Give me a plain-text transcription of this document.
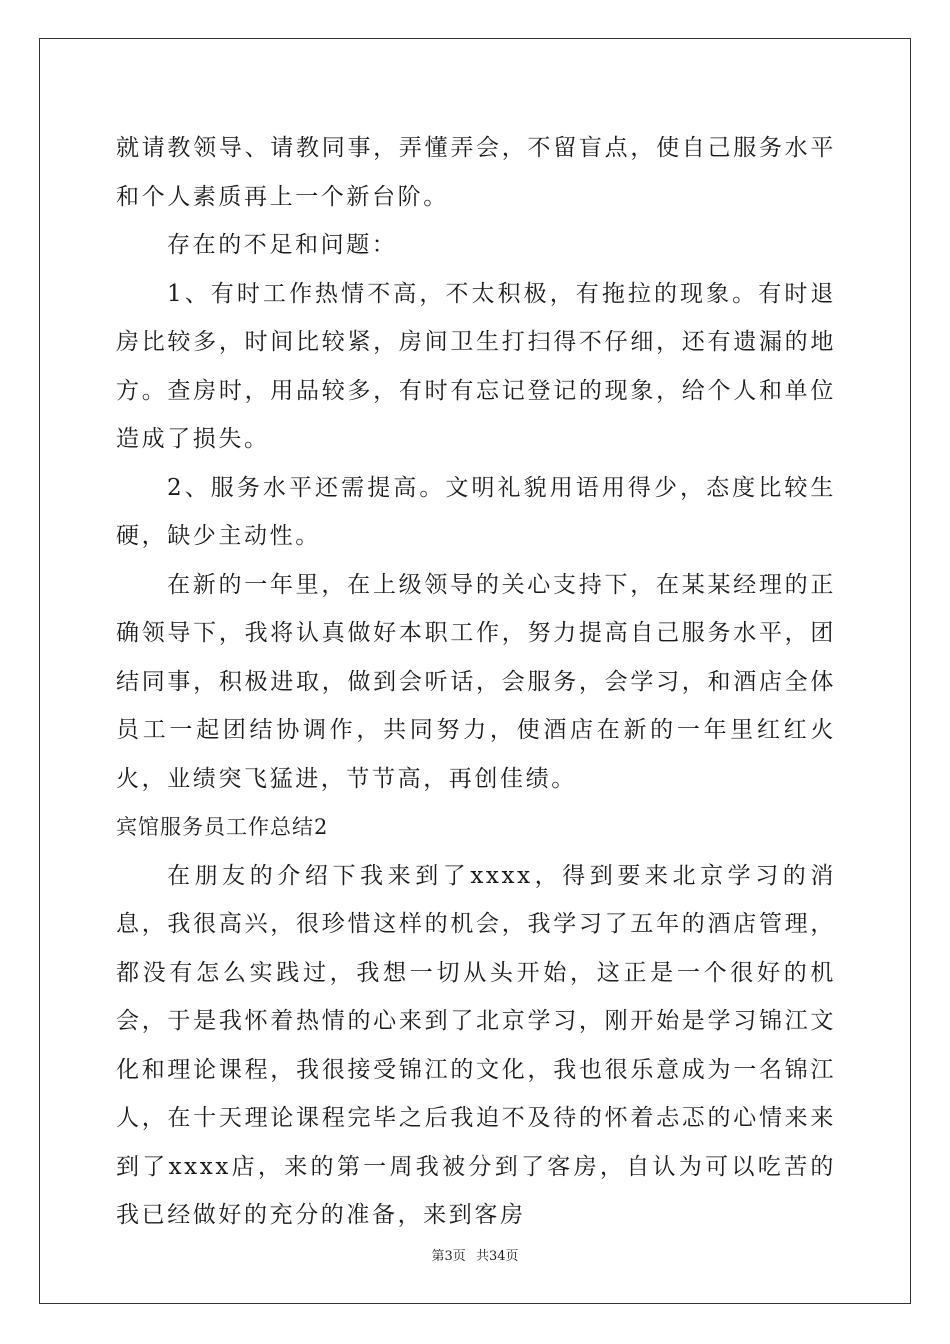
就请教领导、请教同事，弄懂弄会，不留盲点，使自己服务水平和个人素质再上一个新台阶。

存在的不足和问题：

1、有时工作热情不高，不太积极，有拖拉的现象。有时退房比较多，时间比较紧，房间卫生打扫得不仔细，还有遗漏的地方。查房时，用品较多，有时有忘记登记的现象，给个人和单位造成了损失。

2、服务水平还需提高。文明礼貌用语用得少，态度比较生硬，缺少主动性。

在新的一年里，在上级领导的关心支持下，在某某经理的正确领导下，我将认真做好本职工作，努力提高自己服务水平，团结同事，积极进取，做到会听话，会服务，会学习，和酒店全体员工一起团结协调作，共同努力，使酒店在新的一年里红红火火，业绩突飞猛进，节节高，再创佳绩。

宾馆服务员工作总结2

在朋友的介绍下我来到了xxxx，得到要来北京学习的消息，我很高兴，很珍惜这样的机会，我学习了五年的酒店管理，都没有怎么实践过，我想一切从头开始，这正是一个很好的机会，于是我怀着热情的心来到了北京学习，刚开始是学习锦江文化和理论课程，我很接受锦江的文化，我也很乐意成为一名锦江人，在十天理论课程完毕之后我迫不及待的怀着忐忑的心情来来到了xxxx店，来的第一周我被分到了客房，自认为可以吃苦的我已经做好的充分的准备，来到客房

第3页 共34页
